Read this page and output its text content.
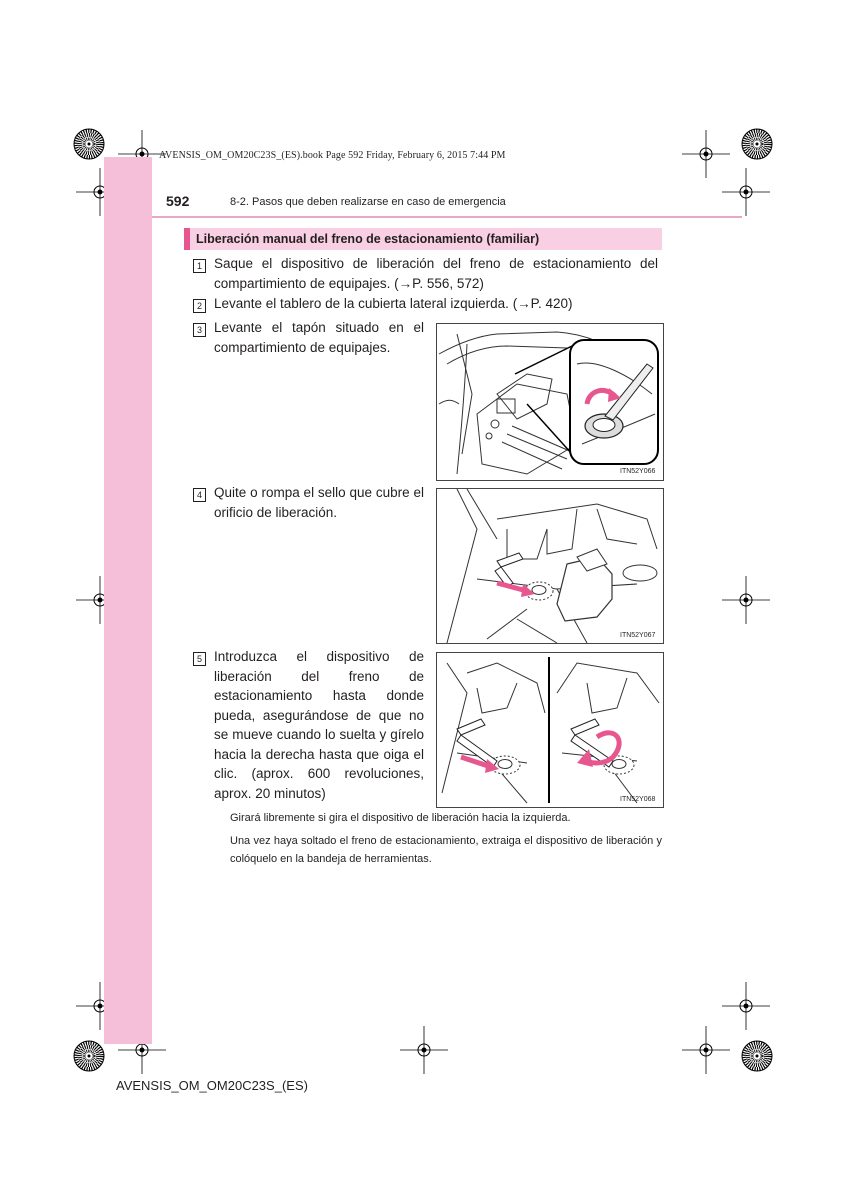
AVENSIS_OM_OM20C23S_(ES).book Page 592 Friday, February 6, 2015 7:44 PM
592	8-2. Pasos que deben realizarse en caso de emergencia
Liberación manual del freno de estacionamiento (familiar)
1 Saque el dispositivo de liberación del freno de estacionamiento del compartimiento de equipajes. (→P. 556, 572)
2 Levante el tablero de la cubierta lateral izquierda. (→P. 420)
3 Levante el tapón situado en el compartimiento de equipajes.
ITN52Y066
4 Quite o rompa el sello que cubre el orificio de liberación.
ITN52Y067
5 Introduzca el dispositivo de liberación del freno de estacionamiento hasta donde pueda, asegurándose de que no se mueve cuando lo suelta y gírelo hacia la derecha hasta que oiga el clic. (aprox. 600 revoluciones, aprox. 20 minutos)	ITN52Y068
Girará libremente si gira el dispositivo de liberación hacia la izquierda.
Una vez haya soltado el freno de estacionamiento, extraiga el dispositivo de liberación y colóquelo en la bandeja de herramientas.
AVENSIS_OM_OM20C23S_(ES)
